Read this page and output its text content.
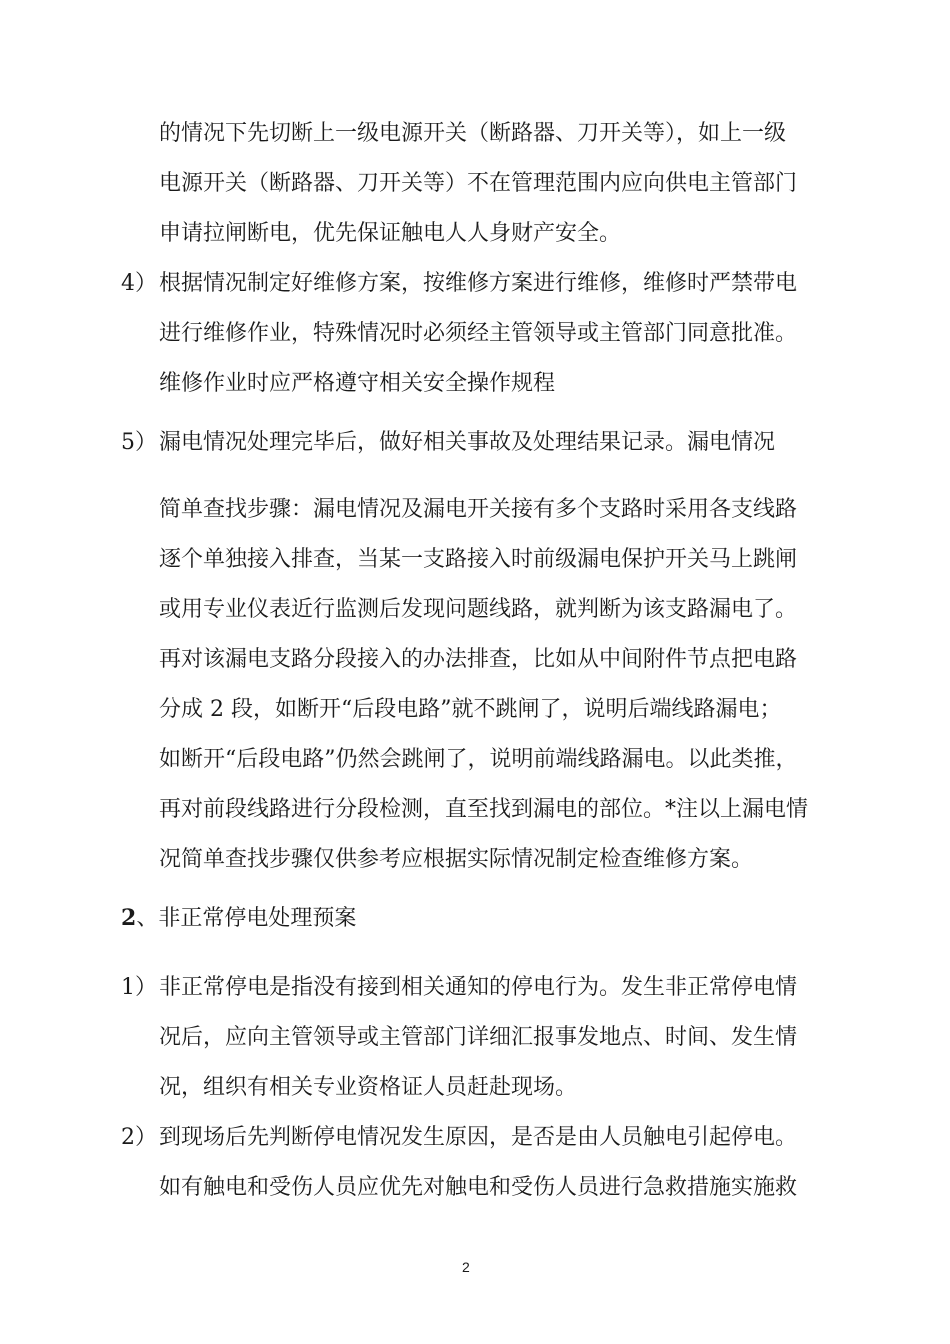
的情况下先切断上一级电源开关（断路器、刀开关等），如上一级
电源开关（断路器、刀开关等）不在管理范围内应向供电主管部门
申请拉闸断电，优先保证触电人人身财产安全。
4） 根据情况制定好维修方案，按维修方案进行维修，维修时严禁带电
进行维修作业，特殊情况时必须经主管领导或主管部门同意批准。
维修作业时应严格遵守相关安全操作规程
5） 漏电情况处理完毕后，做好相关事故及处理结果记录。漏电情况
简单查找步骤：漏电情况及漏电开关接有多个支路时采用各支线路
逐个单独接入排查，当某一支路接入时前级漏电保护开关马上跳闸
或用专业仪表近行监测后发现问题线路，就判断为该支路漏电了。
再对该漏电支路分段接入的办法排查，比如从中间附件节点把电路
分成 2 段，如断开“后段电路”就不跳闸了，说明后端线路漏电；
如断开“后段电路”仍然会跳闸了，说明前端线路漏电。以此类推，
再对前段线路进行分段检测，直至找到漏电的部位。*注以上漏电情
况简单查找步骤仅供参考应根据实际情况制定检查维修方案。
2、非正常停电处理预案
1） 非正常停电是指没有接到相关通知的停电行为。发生非正常停电情
况后，应向主管领导或主管部门详细汇报事发地点、时间、发生情
况，组织有相关专业资格证人员赶赴现场。
2） 到现场后先判断停电情况发生原因，是否是由人员触电引起停电。
如有触电和受伤人员应优先对触电和受伤人员进行急救措施实施救
2
